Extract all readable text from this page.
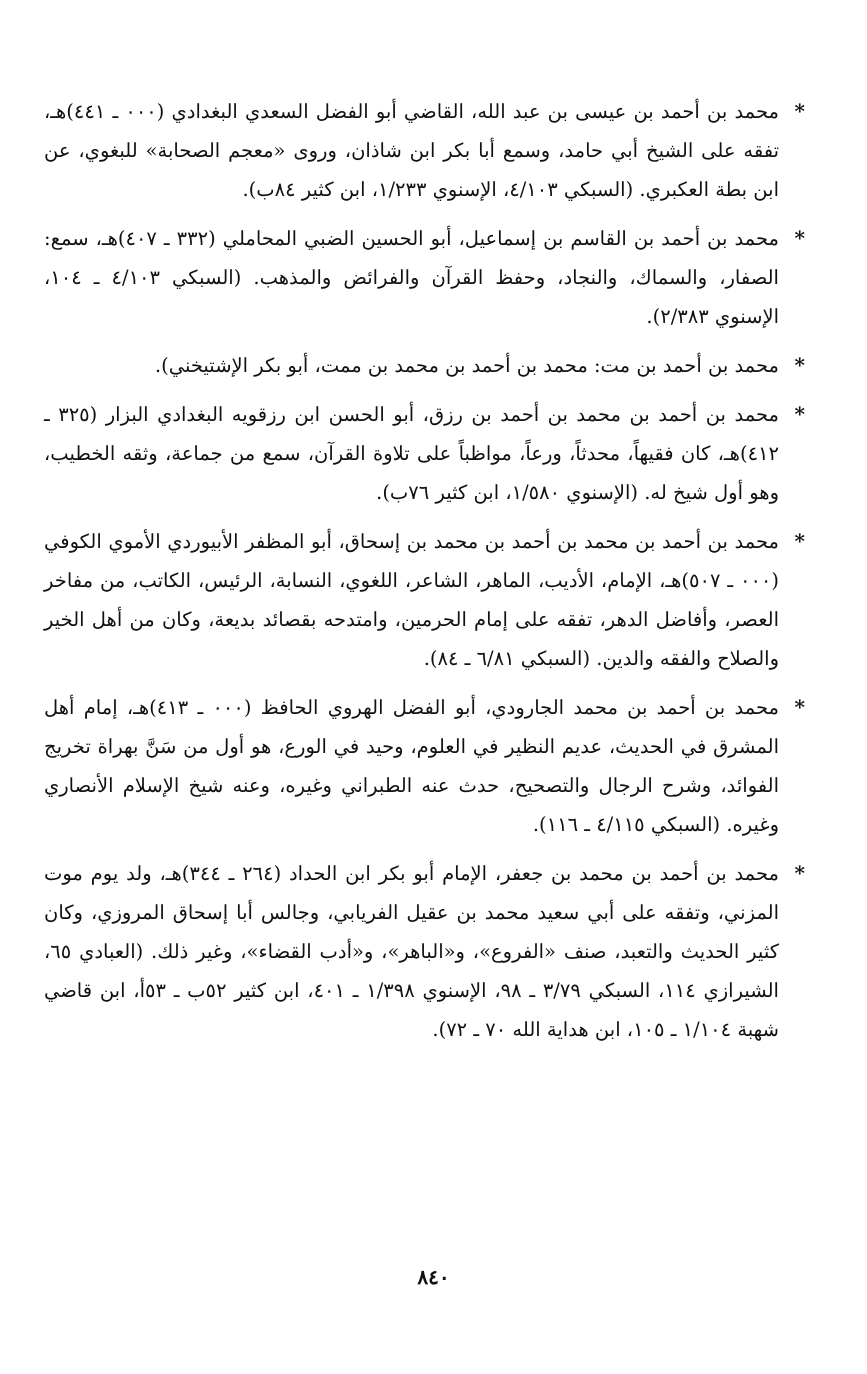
*
محمد بن أحمد بن عيسى بن عبد الله، القاضي أبو الفضل السعدي البغدادي (٠٠٠ ـ ٤٤١)هـ، تفقه على الشيخ أبي حامد، وسمع أبا بكر ابن شاذان، وروى «معجم الصحابة» للبغوي، عن ابن بطة العكبري. (السبكي ٤/١٠٣، الإسنوي ١/٢٣٣، ابن كثير ٨٤ب).
*
محمد بن أحمد بن القاسم بن إسماعيل، أبو الحسين الضبي المحاملي (٣٣٢ ـ ٤٠٧)هـ، سمع: الصفار، والسماك، والنجاد، وحفظ القرآن والفرائض والمذهب. (السبكي ٤/١٠٣ ـ ١٠٤، الإسنوي ٢/٣٨٣).
*
محمد بن أحمد بن مت: محمد بن أحمد بن محمد بن ممت، أبو بكر الإشتيخني).
*
محمد بن أحمد بن محمد بن أحمد بن رزق، أبو الحسن ابن رزقويه البغدادي البزار (٣٢٥ ـ ٤١٢)هـ، كان فقيهاً، محدثاً، ورعاً، مواظباً على تلاوة القرآن، سمع من جماعة، وثقه الخطيب، وهو أول شيخ له. (الإسنوي ١/٥٨٠، ابن كثير ٧٦ب).
*
محمد بن أحمد بن محمد بن أحمد بن محمد بن إسحاق، أبو المظفر الأبيوردي الأموي الكوفي (٠٠٠ ـ ٥٠٧)هـ، الإمام، الأديب، الماهر، الشاعر، اللغوي، النسابة، الرئيس، الكاتب، من مفاخر العصر، وأفاضل الدهر، تفقه على إمام الحرمين، وامتدحه بقصائد بديعة، وكان من أهل الخير والصلاح والفقه والدين. (السبكي ٦/٨١ ـ ٨٤).
*
محمد بن أحمد بن محمد الجارودي، أبو الفضل الهروي الحافظ (٠٠٠ ـ ٤١٣)هـ، إمام أهل المشرق في الحديث، عديم النظير في العلوم، وحيد في الورع، هو أول من سَنَّ بهراة تخريج الفوائد، وشرح الرجال والتصحيح، حدث عنه الطبراني وغيره، وعنه شيخ الإسلام الأنصاري وغيره. (السبكي ٤/١١٥ ـ ١١٦).
*
محمد بن أحمد بن محمد بن جعفر، الإمام أبو بكر ابن الحداد (٢٦٤ ـ ٣٤٤)هـ، ولد يوم موت المزني، وتفقه على أبي سعيد محمد بن عقيل الفريابي، وجالس أبا إسحاق المروزي، وكان كثير الحديث والتعبد، صنف «الفروع»، و«الباهر»، و«أدب القضاء»، وغير ذلك. (العبادي ٦٥، الشيرازي ١١٤، السبكي ٣/٧٩ ـ ٩٨، الإسنوي ١/٣٩٨ ـ ٤٠١، ابن كثير ٥٢ب ـ ٥٣أ، ابن قاضي شهبة ١/١٠٤ ـ ١٠٥، ابن هداية الله ٧٠ ـ ٧٢).
٨٤٠
